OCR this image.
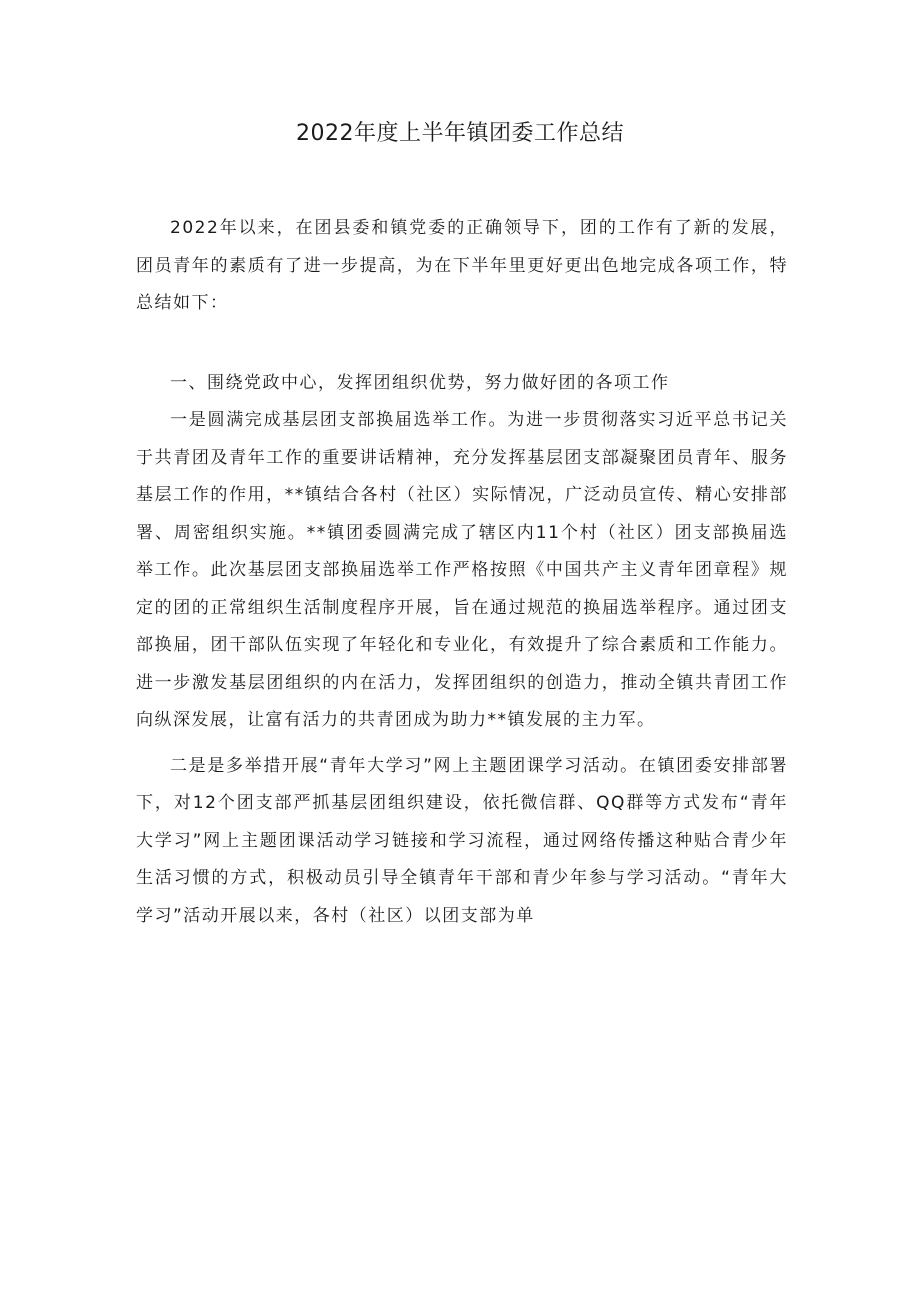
2022年度上半年镇团委工作总结

2022年以来，在团县委和镇党委的正确领导下，团的工作有了新的发展，团员青年的素质有了进一步提高，为在下半年里更好更出色地完成各项工作，特总结如下：

一、围绕党政中心，发挥团组织优势，努力做好团的各项工作

一是圆满完成基层团支部换届选举工作。为进一步贯彻落实习近平总书记关于共青团及青年工作的重要讲话精神，充分发挥基层团支部凝聚团员青年、服务基层工作的作用，**镇结合各村（社区）实际情况，广泛动员宣传、精心安排部署、周密组织实施。**镇团委圆满完成了辖区内11个村（社区）团支部换届选举工作。此次基层团支部换届选举工作严格按照《中国共产主义青年团章程》规定的团的正常组织生活制度程序开展，旨在通过规范的换届选举程序。通过团支部换届，团干部队伍实现了年轻化和专业化，有效提升了综合素质和工作能力。进一步激发基层团组织的内在活力，发挥团组织的创造力，推动全镇共青团工作向纵深发展，让富有活力的共青团成为助力**镇发展的主力军。

二是是多举措开展“青年大学习”网上主题团课学习活动。在镇团委安排部署下，对12个团支部严抓基层团组织建设，依托微信群、QQ群等方式发布“青年大学习”网上主题团课活动学习链接和学习流程，通过网络传播这种贴合青少年生活习惯的方式，积极动员引导全镇青年干部和青少年参与学习活动。“青年大学习”活动开展以来，各村（社区）以团支部为单
